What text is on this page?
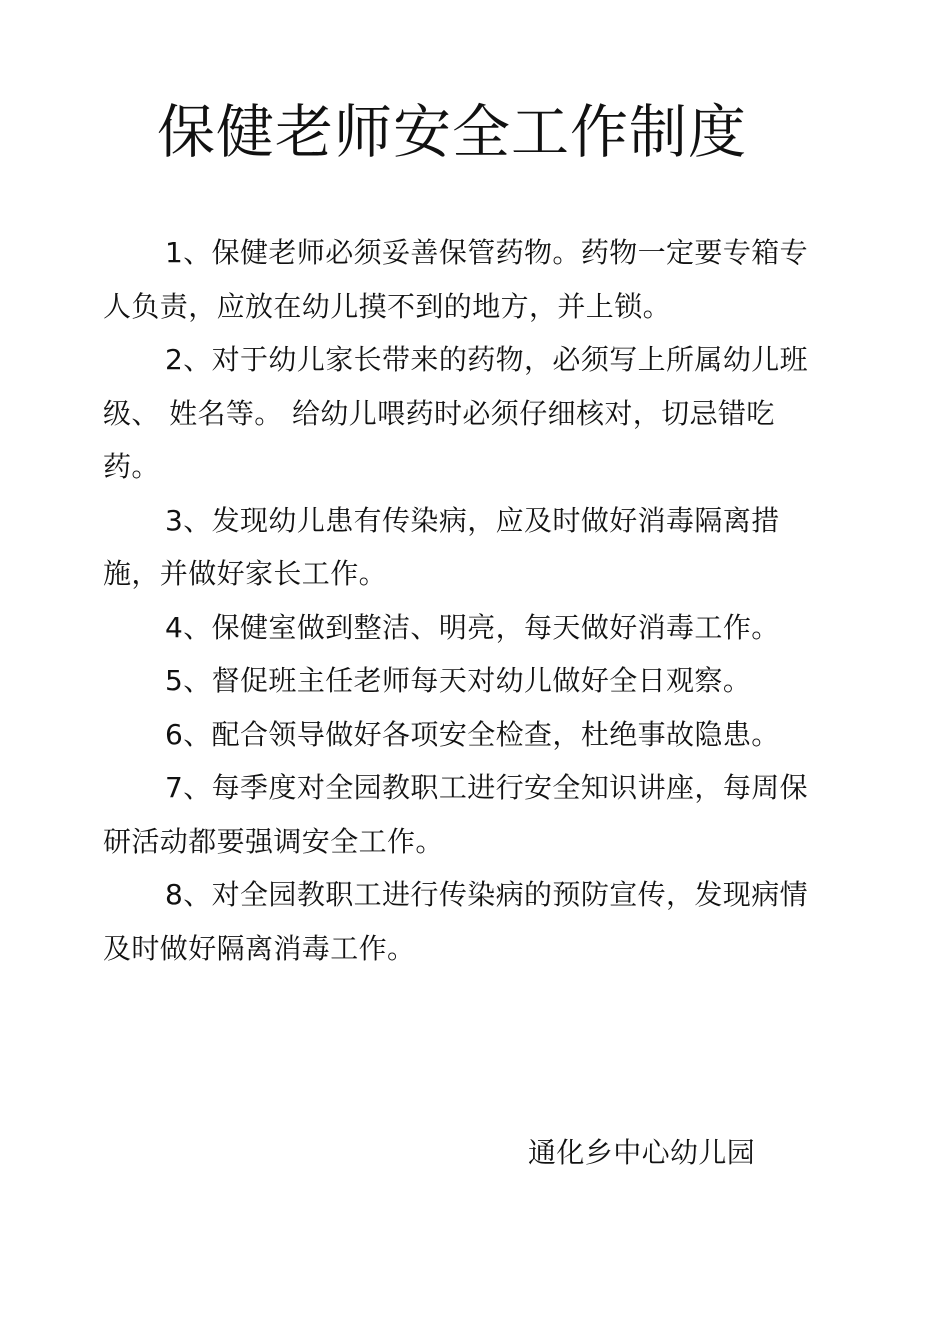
保健老师安全工作制度

1、保健老师必须妥善保管药物。药物一定要专箱专人负责，应放在幼儿摸不到的地方，并上锁。

2、对于幼儿家长带来的药物，必须写上所属幼儿班级、 姓名等。 给幼儿喂药时必须仔细核对，切忌错吃药。

3、发现幼儿患有传染病，应及时做好消毒隔离措施，并做好家长工作。

4、保健室做到整洁、明亮，每天做好消毒工作。

5、督促班主任老师每天对幼儿做好全日观察。

6、配合领导做好各项安全检查，杜绝事故隐患。

7、每季度对全园教职工进行安全知识讲座，每周保研活动都要强调安全工作。

8、对全园教职工进行传染病的预防宣传，发现病情及时做好隔离消毒工作。

通化乡中心幼儿园
